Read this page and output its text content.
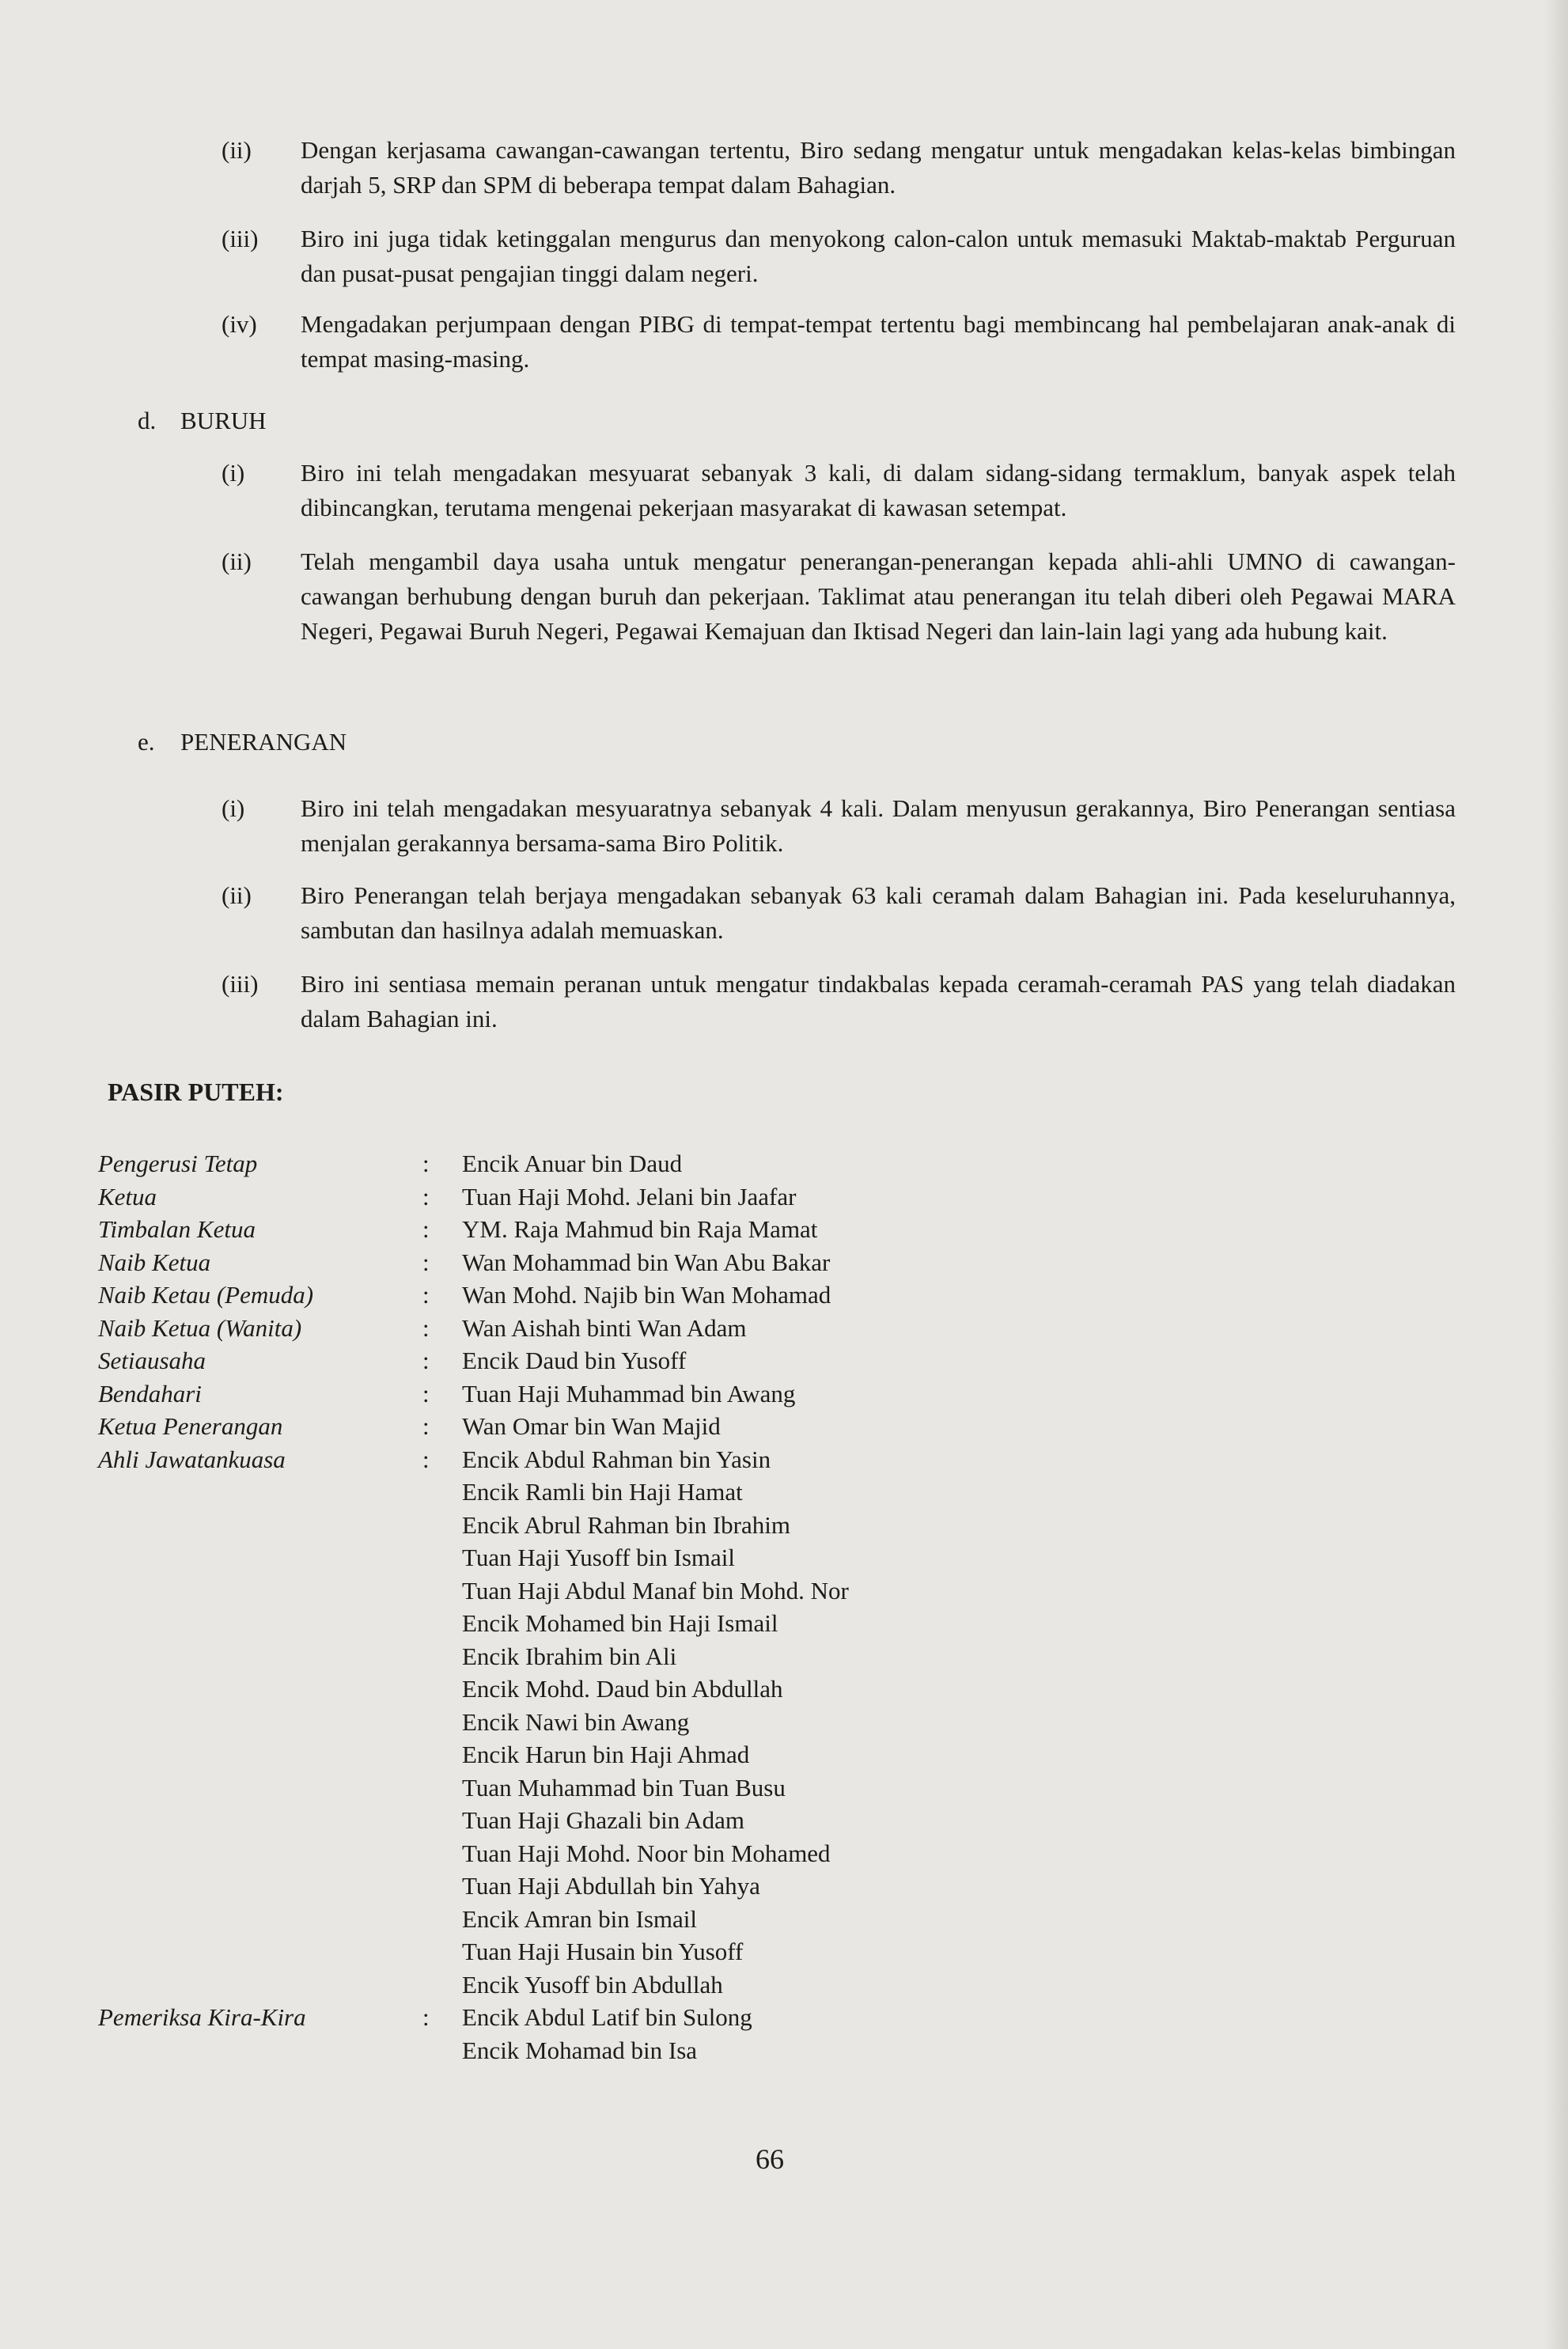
(ii)	Dengan kerjasama cawangan-cawangan tertentu, Biro sedang mengatur untuk mengadakan kelas-kelas bimbingan darjah 5, SRP dan SPM di beberapa tempat dalam Bahagian.
(iii)	Biro ini juga tidak ketinggalan mengurus dan menyokong calon-calon untuk memasuki Maktab-maktab Perguruan dan pusat-pusat pengajian tinggi dalam negeri.
(iv)	Mengadakan perjumpaan dengan PIBG di tempat-tempat tertentu bagi membincang hal pembelajaran anak-anak di tempat masing-masing.
d. BURUH
(i)	Biro ini telah mengadakan mesyuarat sebanyak 3 kali, di dalam sidang-sidang termaklum, banyak aspek telah dibincangkan, terutama mengenai pekerjaan masyarakat di kawasan setempat.
(ii)	Telah mengambil daya usaha untuk mengatur penerangan-penerangan kepada ahli-ahli UMNO di cawangan-cawangan berhubung dengan buruh dan pekerjaan. Taklimat atau penerangan itu telah diberi oleh Pegawai MARA Negeri, Pegawai Buruh Negeri, Pegawai Kemajuan dan Iktisad Negeri dan lain-lain lagi yang ada hubung kait.
e. PENERANGAN
(i)	Biro ini telah mengadakan mesyuaratnya sebanyak 4 kali. Dalam menyusun gerakannya, Biro Penerangan sentiasa menjalan gerakannya bersama-sama Biro Politik.
(ii)	Biro Penerangan telah berjaya mengadakan sebanyak 63 kali ceramah dalam Bahagian ini. Pada keseluruhannya, sambutan dan hasilnya adalah memuaskan.
(iii)	Biro ini sentiasa memain peranan untuk mengatur tindakbalas kepada ceramah-ceramah PAS yang telah diadakan dalam Bahagian ini.
PASIR PUTEH:
Pengerusi Tetap	: Encik Anuar bin Daud
Ketua	: Tuan Haji Mohd. Jelani bin Jaafar
Timbalan Ketua	: YM. Raja Mahmud bin Raja Mamat
Naib Ketua	: Wan Mohammad bin Wan Abu Bakar
Naib Ketau (Pemuda)	: Wan Mohd. Najib bin Wan Mohamad
Naib Ketua (Wanita)	: Wan Aishah binti Wan Adam
Setiausaha	: Encik Daud bin Yusoff
Bendahari	: Tuan Haji Muhammad bin Awang
Ketua Penerangan	: Wan Omar bin Wan Majid
Ahli Jawatankuasa	: Encik Abdul Rahman bin Yasin
Encik Ramli bin Haji Hamat
Encik Abrul Rahman bin Ibrahim
Tuan Haji Yusoff bin Ismail
Tuan Haji Abdul Manaf bin Mohd. Nor
Encik Mohamed bin Haji Ismail
Encik Ibrahim bin Ali
Encik Mohd. Daud bin Abdullah
Encik Nawi bin Awang
Encik Harun bin Haji Ahmad
Tuan Muhammad bin Tuan Busu
Tuan Haji Ghazali bin Adam
Tuan Haji Mohd. Noor bin Mohamed
Tuan Haji Abdullah bin Yahya
Encik Amran bin Ismail
Tuan Haji Husain bin Yusoff
Encik Yusoff bin Abdullah
Pemeriksa Kira-Kira	: Encik Abdul Latif bin Sulong
Encik Mohamad bin Isa
66
